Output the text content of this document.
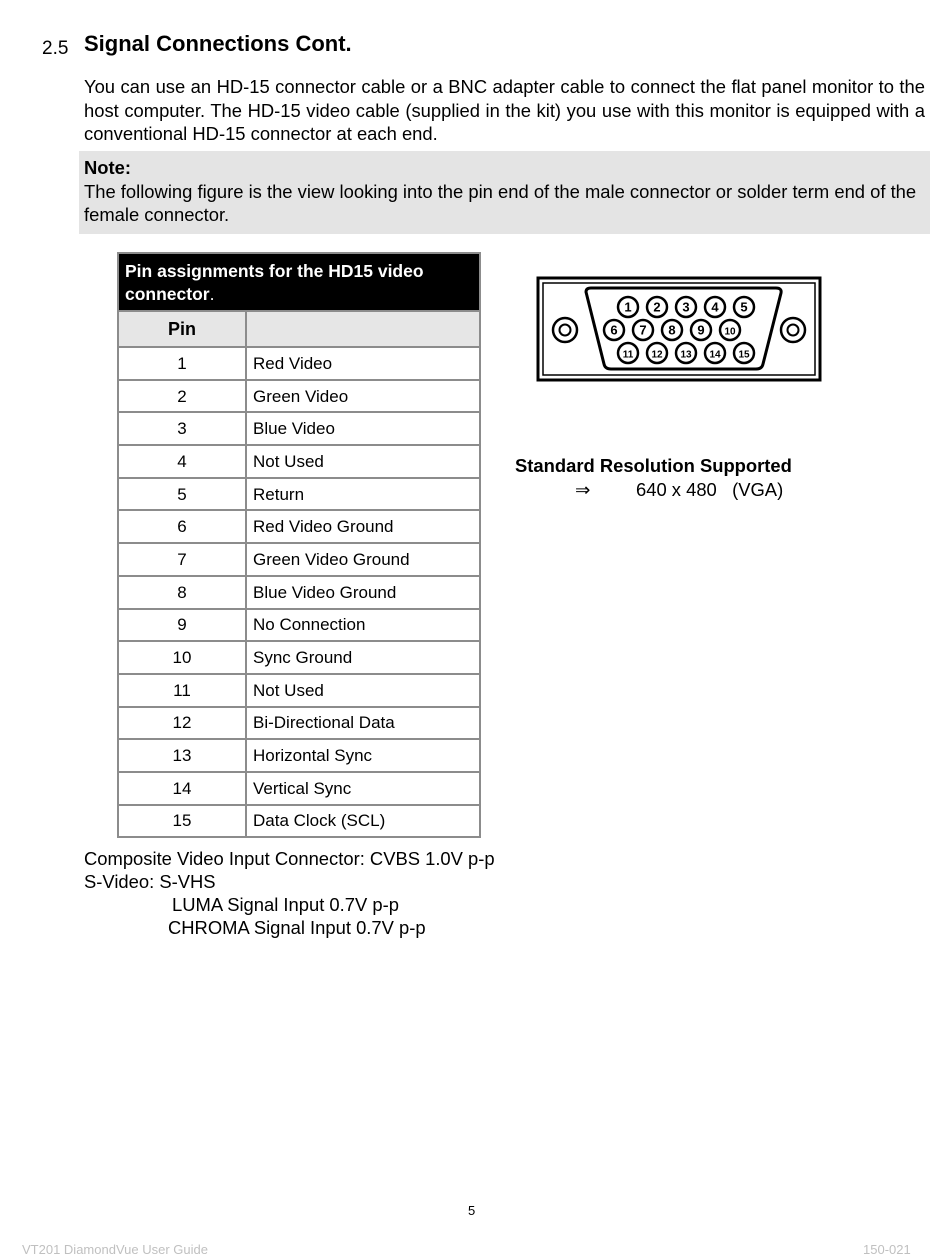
2.5 Signal Connections Cont.
You can use an HD-15 connector cable or a BNC adapter cable to connect the flat panel monitor to the host computer. The HD-15 video cable (supplied in the kit) you use with this monitor is equipped with a conventional HD-15 connector at each end.
Note:
The following figure is the view looking into the pin end of the male connector or solder term end of the female connector.
Pin assignments for the HD15 video connector.	
Pin	
1	Red Video
2	Green Video
3	Blue Video
4	Not Used
5	Return
6	Red Video Ground
7	Green Video Ground
8	Blue Video Ground
9	No Connection
10	Sync Ground
11	Not Used
12	Bi-Directional Data
13	Horizontal Sync
14	Vertical Sync
15	Data Clock (SCL)
1 2 3 4 5
6 7 8 9 10
11 12 13 14 15
Standard Resolution Supported
⇒ 640 x 480   (VGA)
Composite Video Input Connector: CVBS 1.0V p-p
S-Video: S-VHS
LUMA Signal Input 0.7V p-p
CHROMA Signal Input 0.7V p-p
5
VT201 DiamondVue User Guide	150-021
